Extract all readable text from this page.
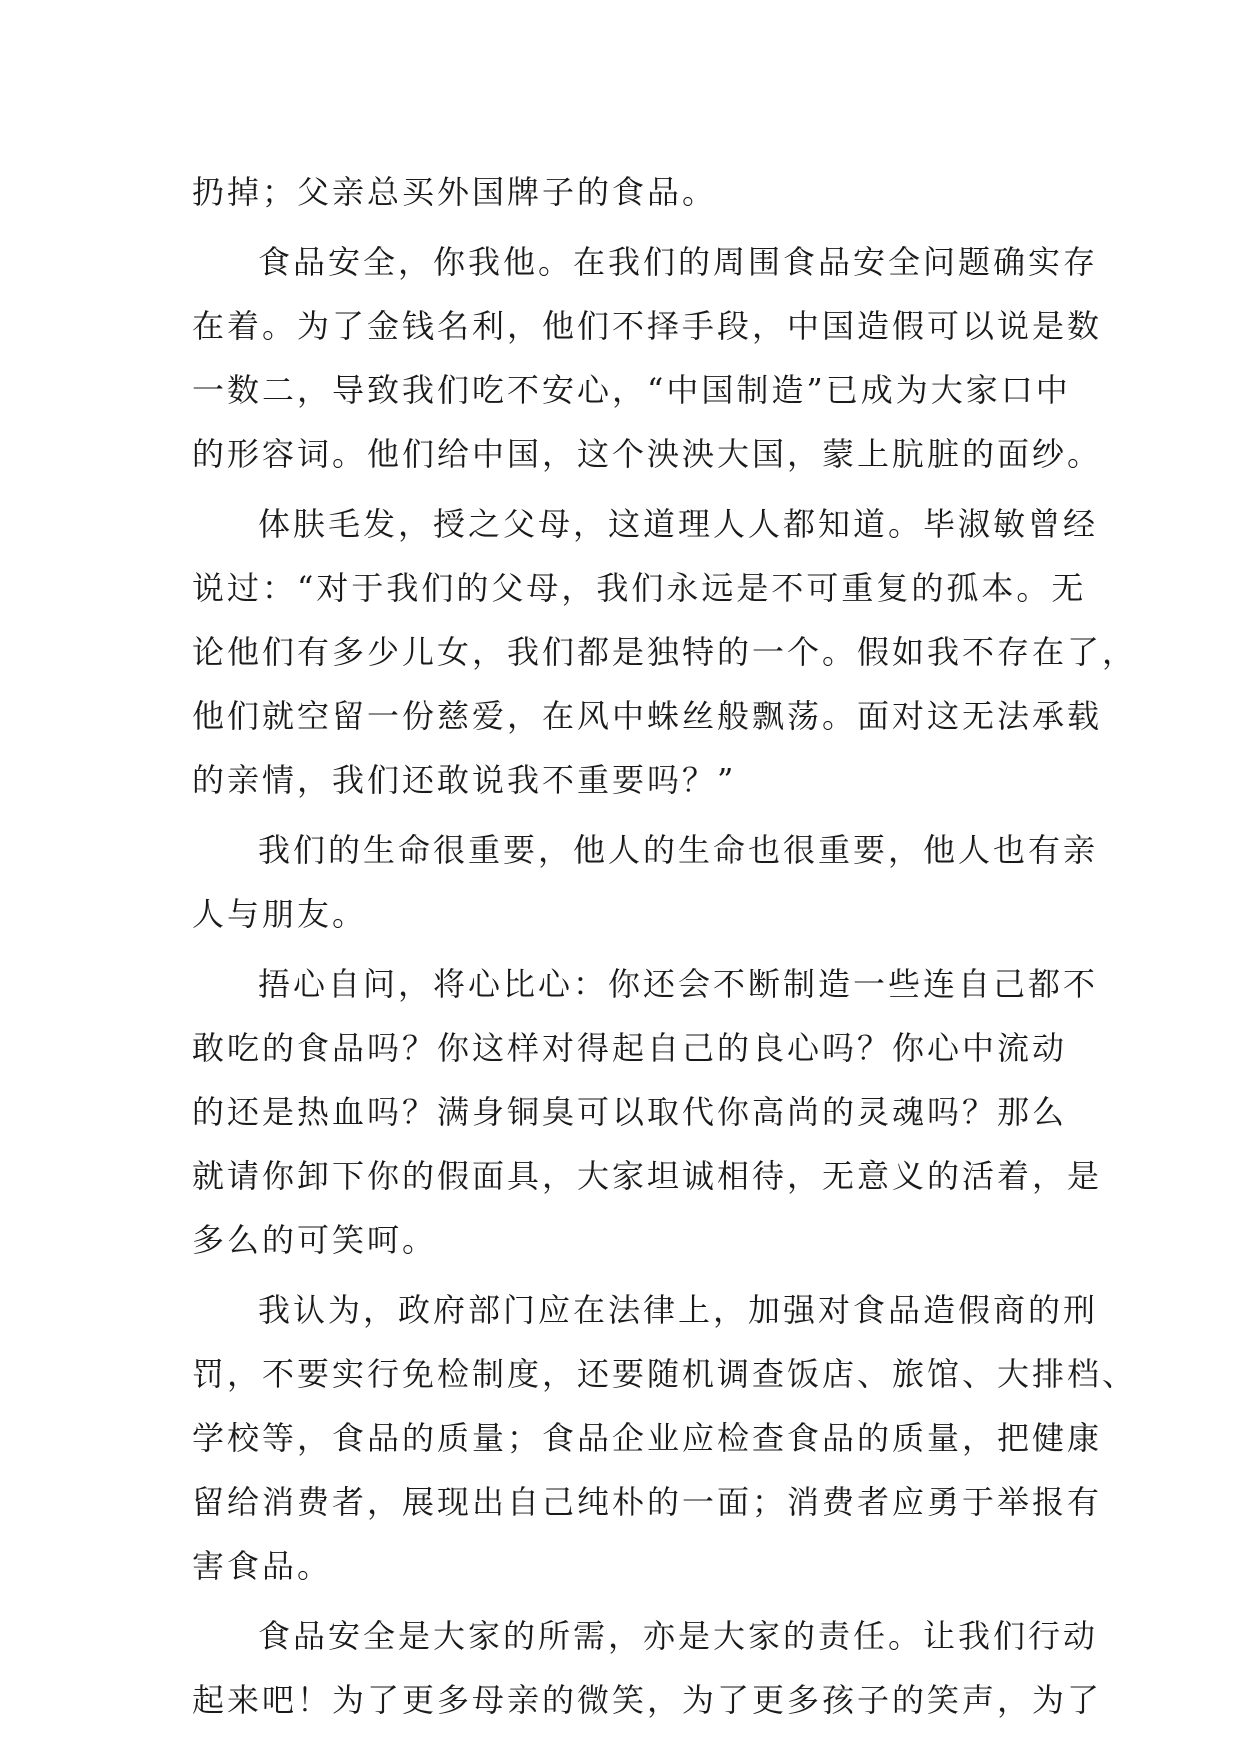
扔掉；父亲总买外国牌子的食品。
食品安全，你我他。在我们的周围食品安全问题确实存
在着。为了金钱名利，他们不择手段，中国造假可以说是数
一数二，导致我们吃不安心，“中国制造”已成为大家口中
的形容词。他们给中国，这个泱泱大国，蒙上肮脏的面纱。
体肤毛发，授之父母，这道理人人都知道。毕淑敏曾经
说过：“对于我们的父母，我们永远是不可重复的孤本。无
论他们有多少儿女，我们都是独特的一个。假如我不存在了，
他们就空留一份慈爱，在风中蛛丝般飘荡。面对这无法承载
的亲情，我们还敢说我不重要吗？”
我们的生命很重要，他人的生命也很重要，他人也有亲
人与朋友。
捂心自问，将心比心：你还会不断制造一些连自己都不
敢吃的食品吗？你这样对得起自己的良心吗？你心中流动
的还是热血吗？满身铜臭可以取代你高尚的灵魂吗？那么
就请你卸下你的假面具，大家坦诚相待，无意义的活着，是
多么的可笑呵。
我认为，政府部门应在法律上，加强对食品造假商的刑
罚，不要实行免检制度，还要随机调查饭店、旅馆、大排档、
学校等，食品的质量；食品企业应检查食品的质量，把健康
留给消费者，展现出自己纯朴的一面；消费者应勇于举报有
害食品。
食品安全是大家的所需，亦是大家的责任。让我们行动
起来吧！为了更多母亲的微笑，为了更多孩子的笑声，为了
